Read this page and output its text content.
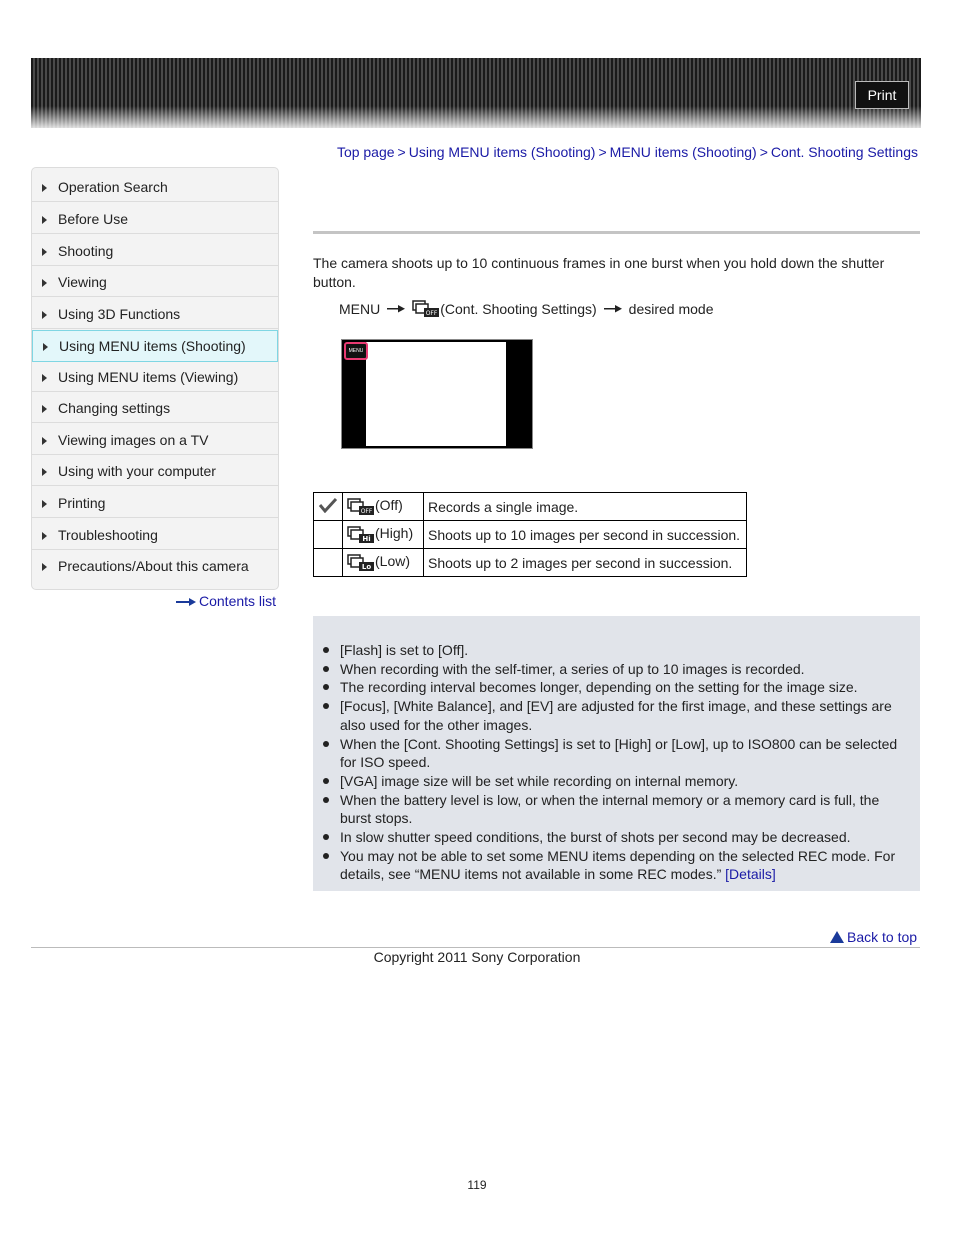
Print
Top page > Using MENU items (Shooting) > MENU items (Shooting) > Cont. Shooting Settings
Operation Search
Before Use
Shooting
Viewing
Using 3D Functions
Using MENU items (Shooting)
Using MENU items (Viewing)
Changing settings
Viewing images on a TV
Using with your computer
Printing
Troubleshooting
Precautions/About this camera
Contents list
The camera shoots up to 10 continuous frames in one burst when you hold down the shutter button.
MENU	OFF (Cont. Shooting Settings) desired mode
MENU

OFF (Off)	Records a single image.

Hi (High)	Shoots up to 10 images per second in succession.

Lo (Low)	Shoots up to 2 images per second in succession.
[Flash] is set to [Off].
When recording with the self-timer, a series of up to 10 images is recorded.
The recording interval becomes longer, depending on the setting for the image size.
[Focus], [White Balance], and [EV] are adjusted for the first image, and these settings are also used for the other images.
When the [Cont. Shooting Settings] is set to [High] or [Low], up to ISO800 can be selected for ISO speed.
[VGA] image size will be set while recording on internal memory.
When the battery level is low, or when the internal memory or a memory card is full, the burst stops.
In slow shutter speed conditions, the burst of shots per second may be decreased.
You may not be able to set some MENU items depending on the selected REC mode. For details, see “MENU items not available in some REC modes.” [Details]
Back to top
Copyright 2011 Sony Corporation
119
